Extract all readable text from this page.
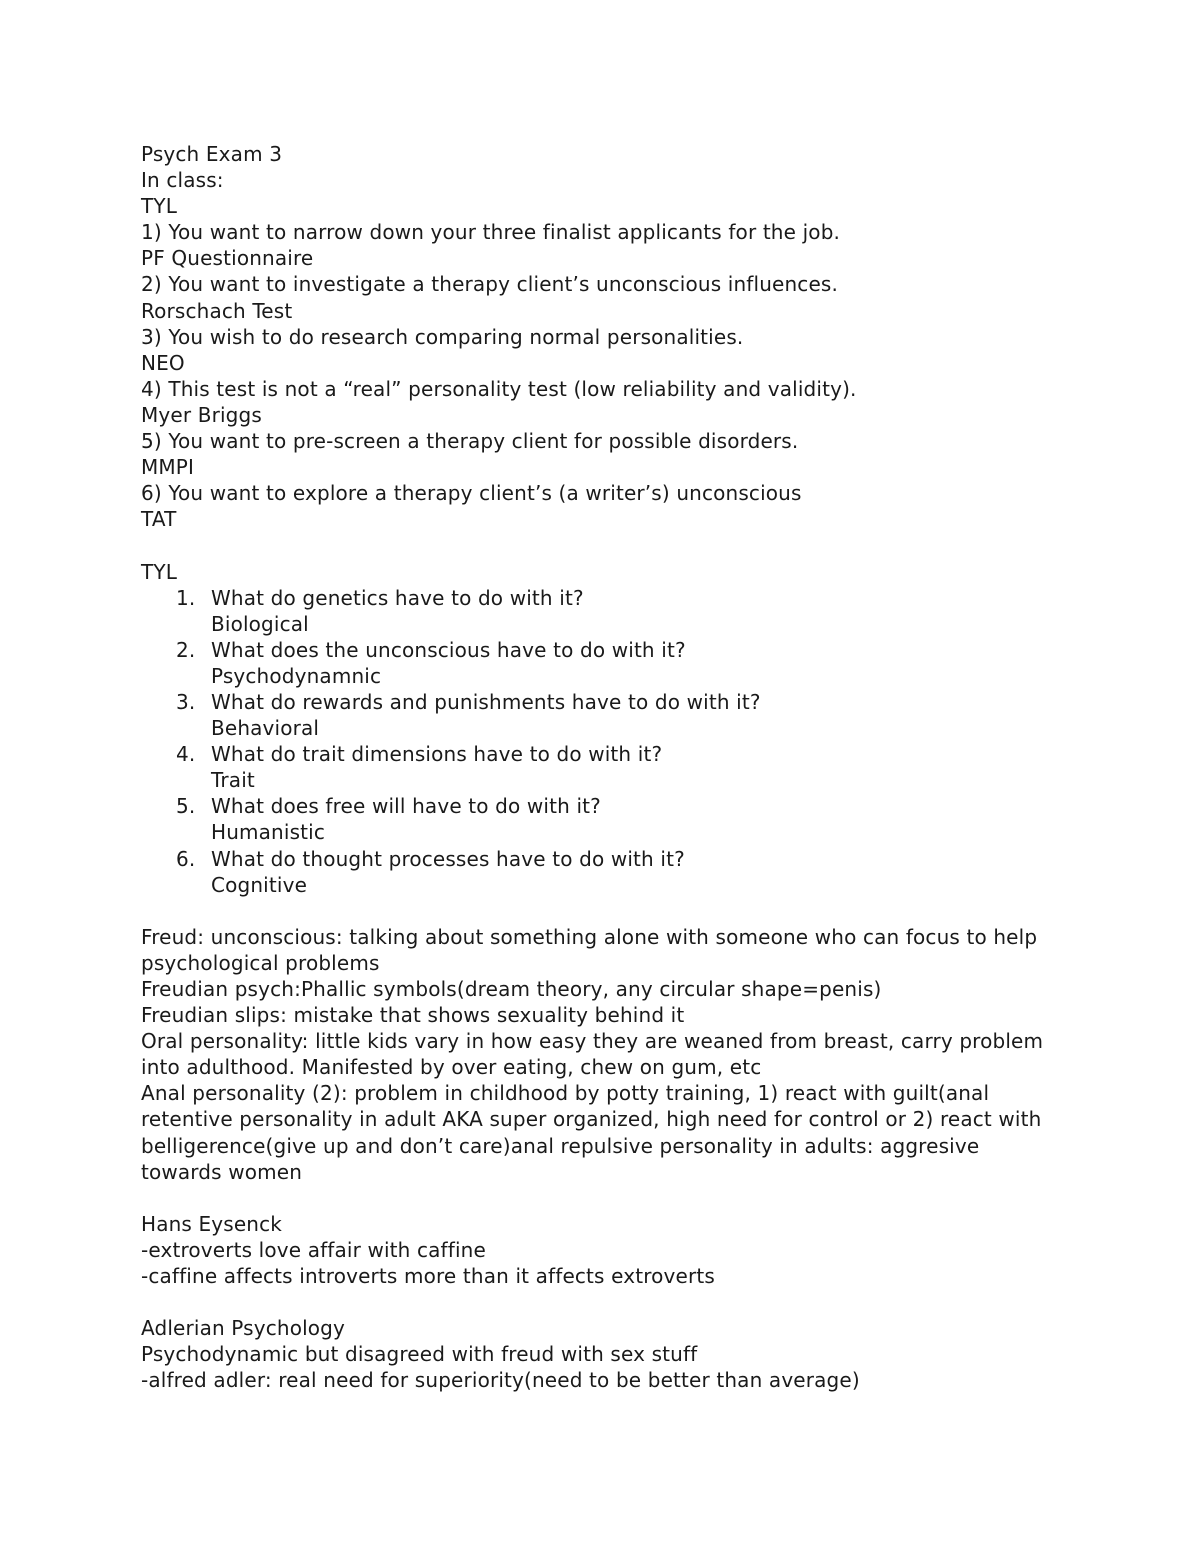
Psych Exam 3
In class:
TYL
1) You want to narrow down your three finalist applicants for the job.
PF Questionnaire
2) You want to investigate a therapy client’s unconscious influences.
Rorschach Test
3) You wish to do research comparing normal personalities.
NEO
4) This test is not a “real” personality test (low reliability and validity).
Myer Briggs
5) You want to pre-screen a therapy client for possible disorders.
MMPI
6) You want to explore a therapy client’s (a writer’s) unconscious
TAT
TYL
1. What do genetics have to do with it?
Biological
2. What does the unconscious have to do with it?
Psychodynamnic
3. What do rewards and punishments have to do with it?
Behavioral
4. What do trait dimensions have to do with it?
Trait
5. What does free will have to do with it?
Humanistic
6. What do thought processes have to do with it?
Cognitive
Freud: unconscious: talking about something alone with someone who can focus to help psychological problems
Freudian psych:Phallic symbols(dream theory, any circular shape=penis)
Freudian slips: mistake that shows sexuality behind it
Oral personality: little kids vary in how easy they are weaned from breast, carry problem into adulthood. Manifested by over eating, chew on gum, etc
Anal personality (2): problem in childhood by potty training, 1) react with guilt(anal retentive personality in adult AKA super organized, high need for control or 2) react with belligerence(give up and don’t care)anal repulsive personality in adults: aggresive towards women
Hans Eysenck
-extroverts love affair with caffine
-caffine affects introverts more than it affects extroverts
Adlerian Psychology
Psychodynamic but disagreed with freud with sex stuff
-alfred adler: real need for superiority(need to be better than average)
